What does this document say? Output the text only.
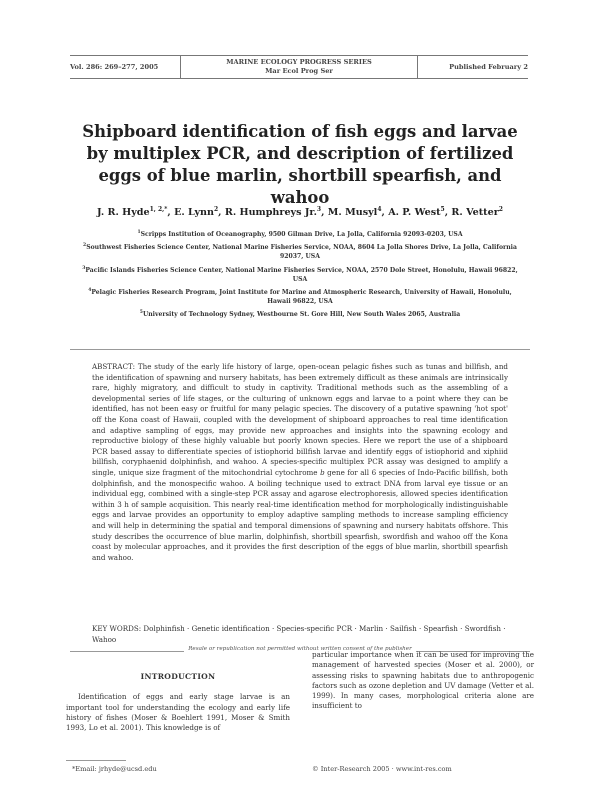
Vol. 286: 269–277, 2005
MARINE ECOLOGY PROGRESS SERIES
Mar Ecol Prog Ser	Published February 2
Shipboard identification of fish eggs and larvae by multiplex PCR, and description of fertilized eggs of blue marlin, shortbill spearfish, and wahoo
J. R. Hyde$^{1, 2,*}$, E. Lynn$^2$, R. Humphreys Jr.$^3$, M. Musyl$^4$, A. P. West$^5$, R. Vetter$^2$
$^1$Scripps Institution of Oceanography, 9500 Gilman Drive, La Jolla, California 92093-0203, USA
$^2$Southwest Fisheries Science Center, National Marine Fisheries Service, NOAA, 8604 La Jolla Shores Drive, La Jolla, California 92037, USA
$^3$Pacific Islands Fisheries Science Center, National Marine Fisheries Service, NOAA, 2570 Dole Street, Honolulu, Hawaii 96822, USA
$^4$Pelagic Fisheries Research Program, Joint Institute for Marine and Atmospheric Research, University of Hawaii, Honolulu, Hawaii 96822, USA
$^5$University of Technology Sydney, Westbourne St. Gore Hill, New South Wales 2065, Australia
ABSTRACT: The study of the early life history of large, open-ocean pelagic fishes such as tunas and billfish, and the identification of spawning and nursery habitats, has been extremely difficult as these animals are intrinsically rare, highly migratory, and difficult to study in captivity. Traditional methods such as the assembling of a developmental series of life stages, or the culturing of unknown eggs and larvae to a point where they can be identified, has not been easy or fruitful for many pelagic species. The discovery of a putative spawning 'hot spot' off the Kona coast of Hawaii, coupled with the development of shipboard approaches to real time identification and adaptive sampling of eggs, may provide new approaches and insights into the spawning ecology and reproductive biology of these highly valuable but poorly known species. Here we report the use of a shipboard PCR based assay to differentiate species of istiophorid billfish larvae and identify eggs of istiophorid and xiphiid billfish, coryphaenid dolphinfish, and wahoo. A species-specific multiplex PCR assay was designed to amplify a single, unique size fragment of the mitochondrial cytochrome b gene for all 6 species of Indo-Pacific billfish, both dolphinfish, and the monospecific wahoo. A boiling technique used to extract DNA from larval eye tissue or an individual egg, combined with a single-step PCR assay and agarose electrophoresis, allowed species identification within 3 h of sample acquisition. This nearly real-time identification method for morphologically indistinguishable eggs and larvae provides an opportunity to employ adaptive sampling methods to increase sampling efficiency and will help in determining the spatial and temporal dimensions of spawning and nursery habitats offshore. This study describes the occurrence of blue marlin, dolphinfish, shortbill spearfish, swordfish and wahoo off the Kona coast by molecular approaches, and it provides the first description of the eggs of blue marlin, shortbill spearfish and wahoo.
KEY WORDS: Dolphinfish · Genetic identification · Species-specific PCR · Marlin · Sailfish · Spearfish · Swordfish · Wahoo
Resale or republication not permitted without written consent of the publisher
INTRODUCTION
Identification of eggs and early stage larvae is an important tool for understanding the ecology and early life history of fishes (Moser & Boehlert 1991, Moser & Smith 1993, Lo et al. 2001). This knowledge is of
particular importance when it can be used for improving the management of harvested species (Moser et al. 2000), or assessing risks to spawning habitats due to anthropogenic factors such as ozone depletion and UV damage (Vetter et al. 1999). In many cases, morphological criteria alone are insufficient to
*Email: jrhyde@ucsd.edu	© Inter-Research 2005 · www.int-res.com
